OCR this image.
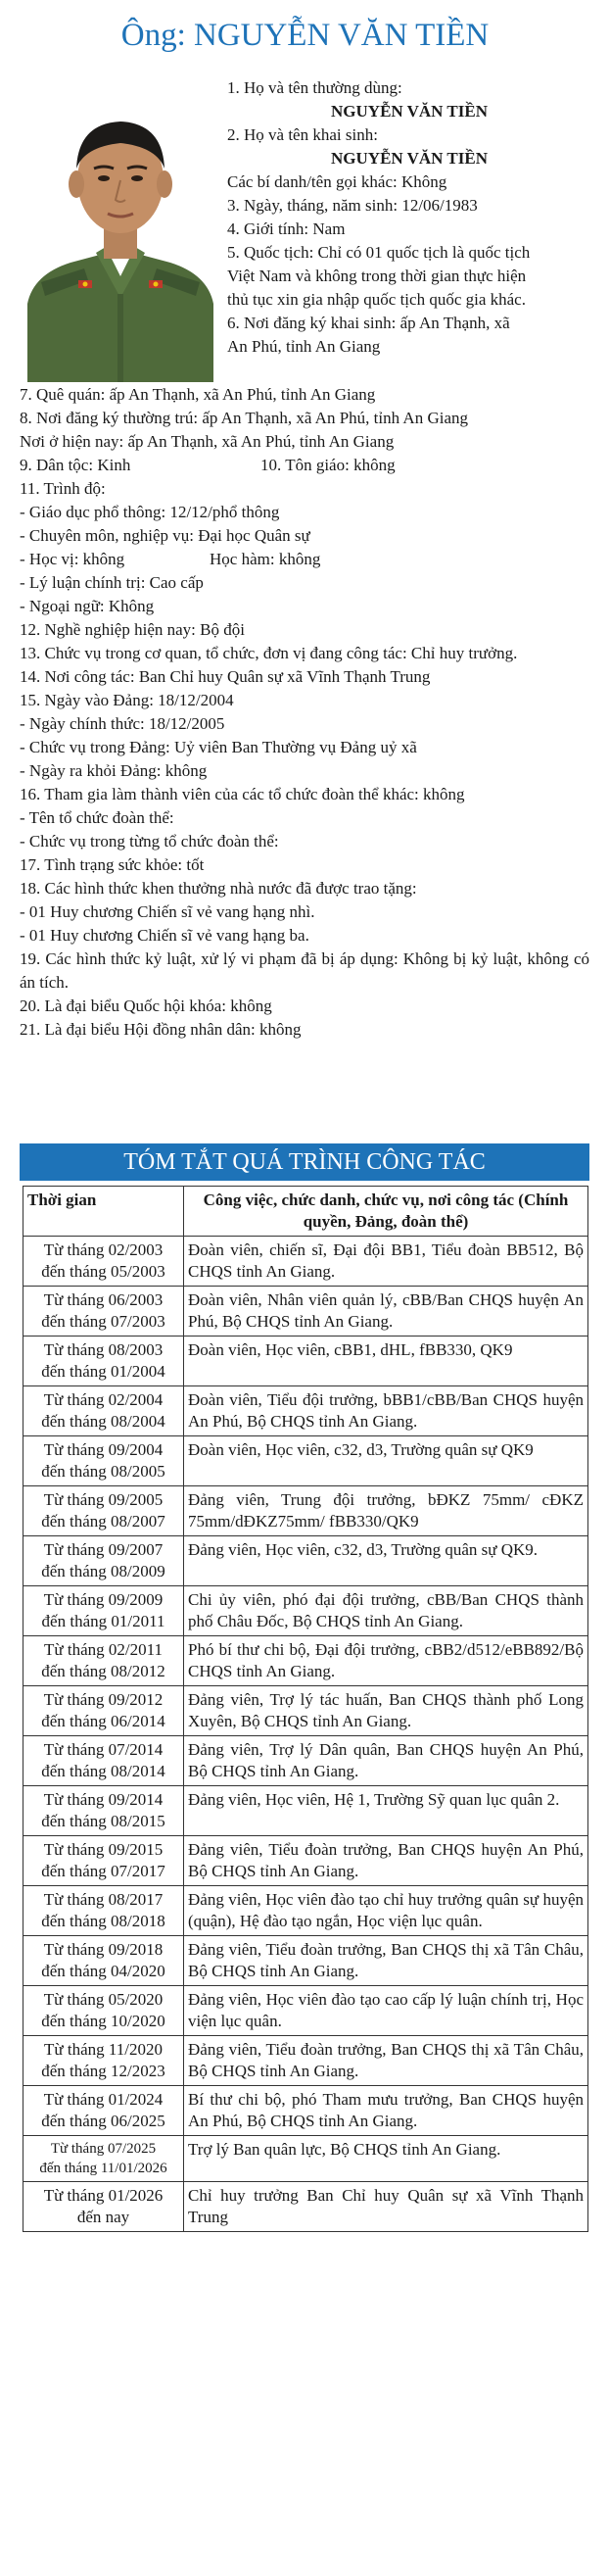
Ông: NGUYỄN VĂN TIỀN
1. Họ và tên thường dùng:
NGUYỄN VĂN TIỀN
2. Họ và tên khai sinh:
NGUYỄN VĂN TIỀN
Các bí danh/tên gọi khác: Không
3. Ngày, tháng, năm sinh: 12/06/1983
4. Giới tính: Nam
5. Quốc tịch: Chỉ có 01 quốc tịch là quốc tịch
Việt Nam và không trong thời gian thực hiện
thủ tục xin gia nhập quốc tịch quốc gia khác.
6. Nơi đăng ký khai sinh: ấp An Thạnh, xã
An Phú, tỉnh An Giang
7. Quê quán: ấp An Thạnh, xã An Phú, tỉnh An Giang
8. Nơi đăng ký thường trú: ấp An Thạnh, xã An Phú, tỉnh An Giang
Nơi ở hiện nay: ấp An Thạnh, xã An Phú, tỉnh An Giang
9. Dân tộc: Kinh	10. Tôn giáo: không
11. Trình độ:
- Giáo dục phổ thông: 12/12/phổ thông
- Chuyên môn, nghiệp vụ: Đại học Quân sự
- Học vị: không	Học hàm: không
- Lý luận chính trị: Cao cấp
- Ngoại ngữ: Không
12. Nghề nghiệp hiện nay: Bộ đội
13. Chức vụ trong cơ quan, tổ chức, đơn vị đang công tác: Chỉ huy trưởng.
14. Nơi công tác: Ban Chỉ huy Quân sự xã Vĩnh Thạnh Trung
15. Ngày vào Đảng: 18/12/2004
- Ngày chính thức: 18/12/2005
- Chức vụ trong Đảng: Uỷ viên Ban Thường vụ Đảng uỷ xã
- Ngày ra khỏi Đảng: không
16. Tham gia làm thành viên của các tổ chức đoàn thể khác: không
- Tên tổ chức đoàn thể:
- Chức vụ trong từng tổ chức đoàn thể:
17. Tình trạng sức khỏe: tốt
18. Các hình thức khen thưởng nhà nước đã được trao tặng:
- 01 Huy chương Chiến sĩ vẻ vang hạng nhì.
- 01 Huy chương Chiến sĩ vẻ vang hạng ba.
19. Các hình thức kỷ luật, xử lý vi phạm đã bị áp dụng: Không bị kỷ luật, không có án tích.
20. Là đại biểu Quốc hội khóa: không
21. Là đại biểu Hội đồng nhân dân: không
TÓM TẮT QUÁ TRÌNH CÔNG TÁC
Thời gian	Công việc, chức danh, chức vụ, nơi công tác (Chính quyền, Đảng, đoàn thể)

Từ tháng 02/2003
đến tháng 05/2003	Đoàn viên, chiến sĩ, Đại đội BB1, Tiểu đoàn BB512, Bộ CHQS tỉnh An Giang.

Từ tháng 06/2003
đến tháng 07/2003	Đoàn viên, Nhân viên quản lý, cBB/Ban CHQS huyện An Phú, Bộ CHQS tỉnh An Giang.

Từ tháng 08/2003
đến tháng 01/2004	Đoàn viên, Học viên, cBB1, dHL, fBB330, QK9

Từ tháng 02/2004
đến tháng 08/2004	Đoàn viên, Tiểu đội trưởng, bBB1/cBB/Ban CHQS huyện An Phú, Bộ CHQS tỉnh An Giang.

Từ tháng 09/2004
đến tháng 08/2005	Đoàn viên, Học viên, c32, d3, Trường quân sự QK9

Từ tháng 09/2005
đến tháng 08/2007	Đảng viên, Trung đội trưởng, bĐKZ 75mm/ cĐKZ 75mm/dĐKZ75mm/ fBB330/QK9

Từ tháng 09/2007
đến tháng 08/2009	Đảng viên, Học viên, c32, d3, Trường quân sự QK9.

Từ tháng 09/2009
đến tháng 01/2011	Chi ủy viên, phó đại đội trưởng, cBB/Ban CHQS thành phố Châu Đốc, Bộ CHQS tỉnh An Giang.

Từ tháng 02/2011
đến tháng 08/2012	Phó bí thư chi bộ, Đại đội trưởng, cBB2/d512/eBB892/Bộ CHQS tỉnh An Giang.

Từ tháng 09/2012
đến tháng 06/2014	Đảng viên, Trợ lý tác huấn, Ban CHQS thành phố Long Xuyên, Bộ CHQS tỉnh An Giang.

Từ tháng 07/2014
đến tháng 08/2014	Đảng viên, Trợ lý Dân quân, Ban CHQS huyện An Phú, Bộ CHQS tỉnh An Giang.

Từ tháng 09/2014
đến tháng 08/2015	Đảng viên, Học viên, Hệ 1, Trường Sỹ quan lục quân 2.

Từ tháng 09/2015
đến tháng 07/2017	Đảng viên, Tiểu đoàn trưởng, Ban CHQS huyện An Phú, Bộ CHQS tỉnh An Giang.

Từ tháng 08/2017
đến tháng 08/2018	Đảng viên, Học viên đào tạo chỉ huy trưởng quân sự huyện (quận), Hệ đào tạo ngắn, Học viện lục quân.

Từ tháng 09/2018
đến tháng 04/2020	Đảng viên, Tiểu đoàn trưởng, Ban CHQS thị xã Tân Châu, Bộ CHQS tỉnh An Giang.

Từ tháng 05/2020
đến tháng 10/2020	Đảng viên, Học viên đào tạo cao cấp lý luận chính trị, Học viện lục quân.

Từ tháng 11/2020
đến tháng 12/2023	Đảng viên, Tiểu đoàn trưởng, Ban CHQS thị xã Tân Châu, Bộ CHQS tỉnh An Giang.

Từ tháng 01/2024
đến tháng 06/2025	Bí thư chi bộ, phó Tham mưu trưởng, Ban CHQS huyện An Phú, Bộ CHQS tỉnh An Giang.

Từ tháng 07/2025
đến tháng 11/01/2026	Trợ lý Ban quân lực, Bộ CHQS tỉnh An Giang.

Từ tháng 01/2026
đến nay	Chỉ huy trưởng Ban Chỉ huy Quân sự xã Vĩnh Thạnh Trung
